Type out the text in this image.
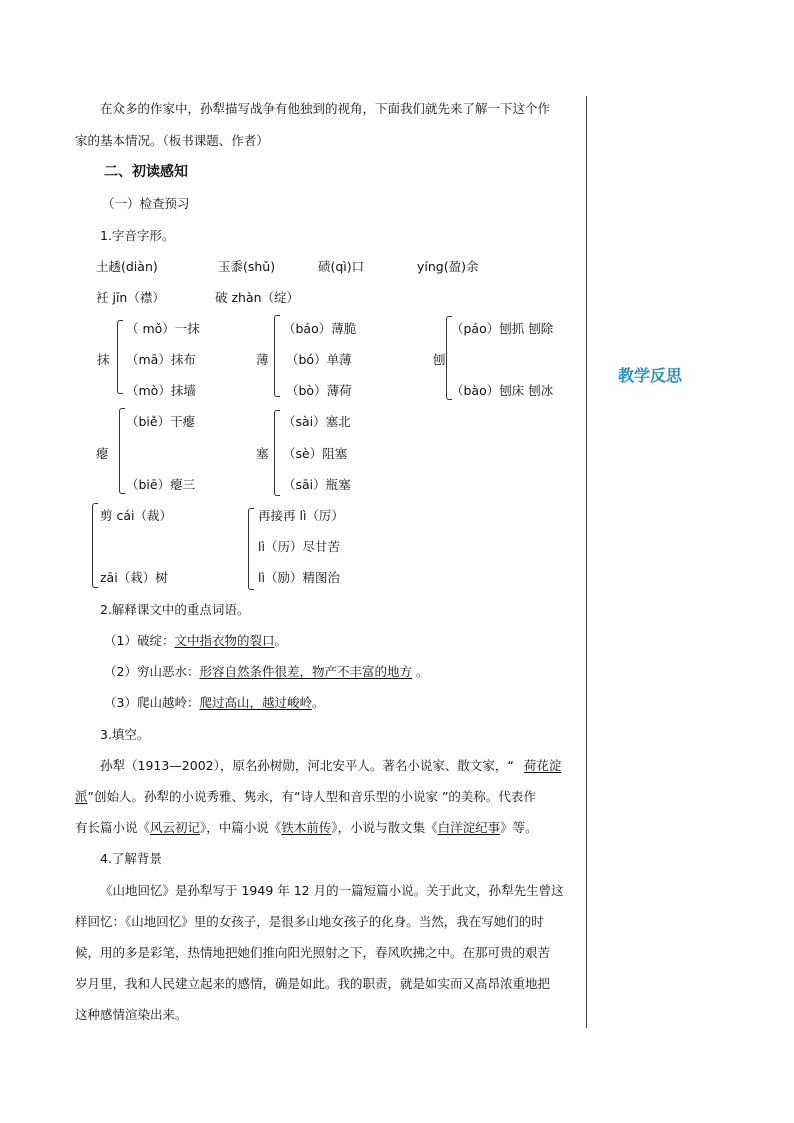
在众多的作家中，孙犁描写战争有他独到的视角，下面我们就先来了解一下这个作
家的基本情况。（板书课题、作者）
二、初读感知
（一）检查预习
1.字音字形。
土䞬(diàn)	玉黍(shǔ)	碛(qì)口	yíng(盈)余
衽 jīn（襟）	破 zhàn（绽）
抹
（ mǒ）一抹
（mā）抹布
（mò）抹墙
薄
（báo）薄脆
（bó）单薄
（bò）薄荷
刨
（páo）刨抓 刨除
（bào）刨床 刨冰
瘪
（biě）干瘪
（biē）瘪三
塞
（sài）塞北
（sè）阻塞
（sāi）瓶塞
剪 cái（裁）
zāi（栽）树
再接再 lì（厉）
lì（历）尽甘苦
lì（励）精图治
2.解释课文中的重点词语。
（1）破绽：文中指衣物的裂口。
（2）穷山恶水：形容自然条件很差，物产不丰富的地方 。
（3）爬山越岭：爬过高山，越过峻岭。
3.填空。
孙犁（1913—2002），原名孙树勋，河北安平人。著名小说家、散文家，“ 荷花淀
派”创始人。孙犁的小说秀雅、隽永，有“诗人型和音乐型的小说家 ”的美称。代表作
有长篇小说《风云初记》，中篇小说《铁木前传》，小说与散文集《白洋淀纪事》等。
4.了解背景
《山地回忆》是孙犁写于 1949 年 12 月的一篇短篇小说。关于此文，孙犁先生曾这
样回忆：《山地回忆》里的女孩子，是很多山地女孩子的化身。当然，我在写她们的时
候，用的多是彩笔，热情地把她们推向阳光照射之下，春风吹拂之中。在那可贵的艰苦
岁月里，我和人民建立起来的感情，确是如此。我的职责，就是如实而又高昂浓重地把
这种感情渲染出来。
教学反思
